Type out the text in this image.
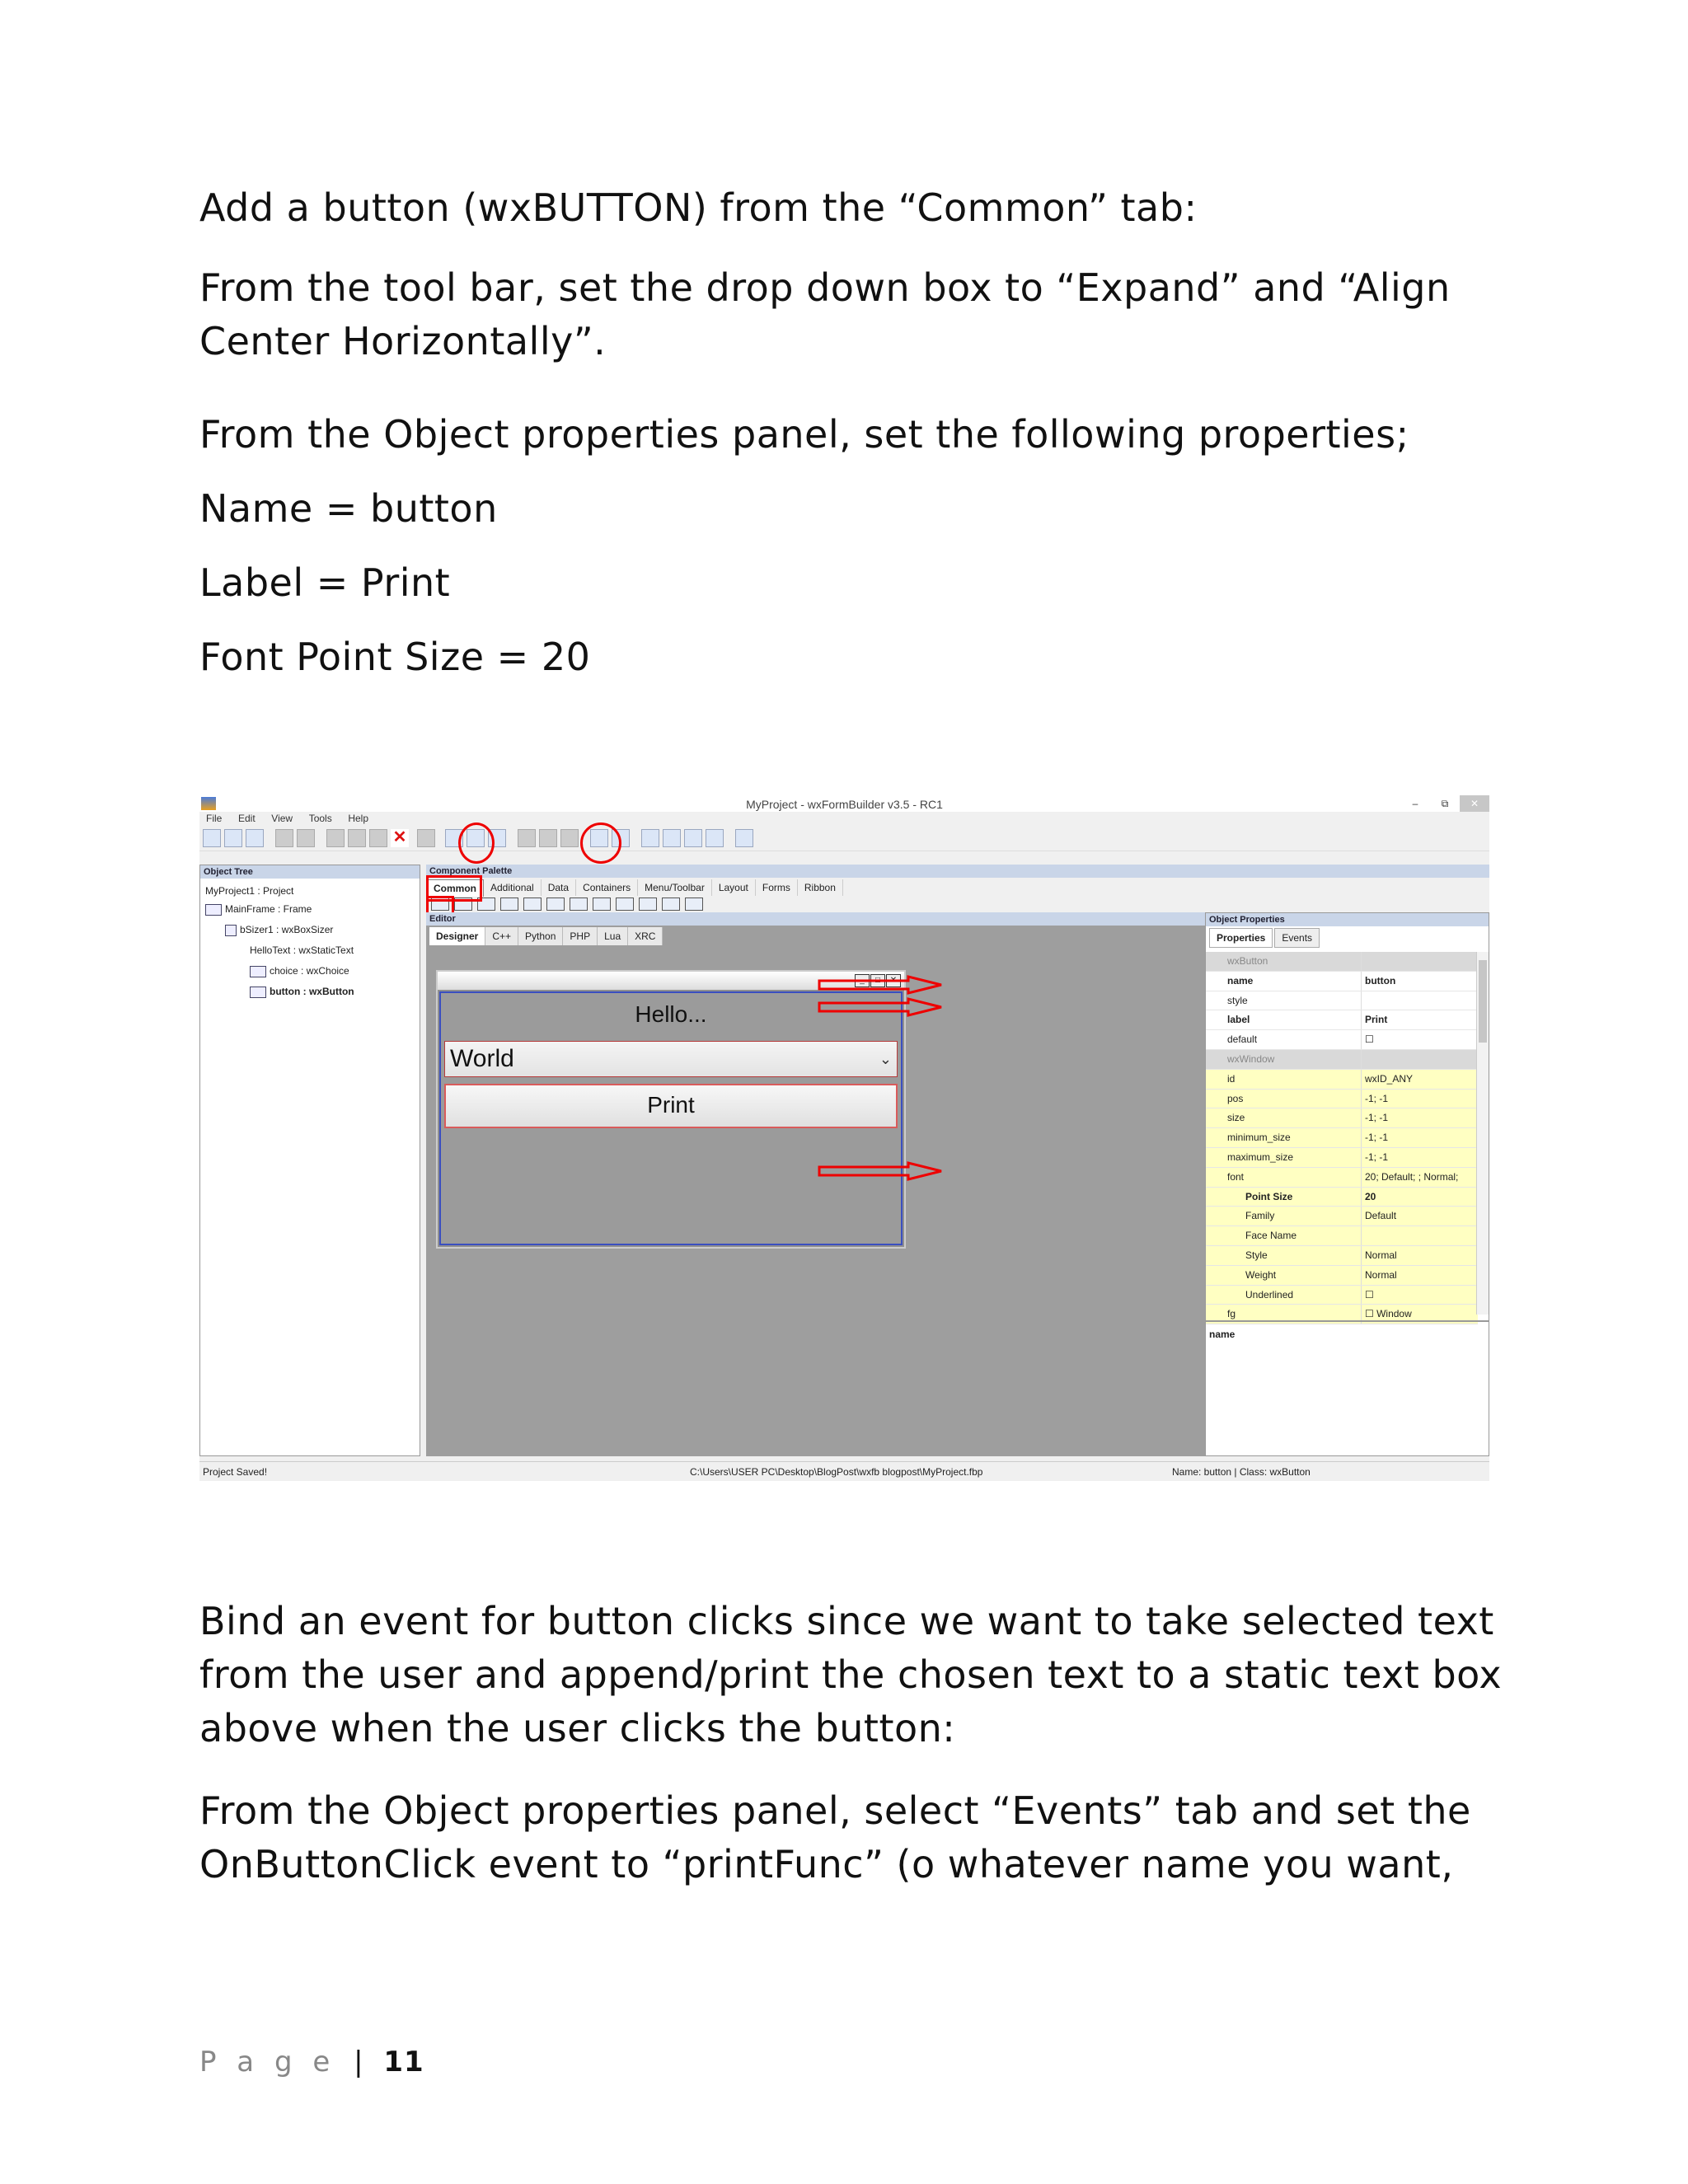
Add a button (wxBUTTON) from the “Common” tab:

From the tool bar, set the drop down box to “Expand” and “Align Center Horizontally”.

From the Object properties panel, set the following properties;

Name = button

Label = Print

Font Point Size = 20

MyProject - wxFormBuilder v3.5 - RC1	–	⧉	✕
File Edit View Tools Help
✕
Object Tree
MyProject1 : Project
MainFrame : Frame
bSizer1 : wxBoxSizer
HelloText : wxStaticText
choice : wxChoice
button : wxButton
Component Palette
Common	Additional	Data	Containers	Menu/Toolbar	Layout	Forms	Ribbon
Editor
Designer	C++	Python	PHP	Lua	XRC
_	□	✕
Hello...
World	⌄
Print
Object Properties
Properties	Events
wxButton
name	button
style
label	Print
default	☐
wxWindow
id	wxID_ANY
pos	-1; -1
size	-1; -1
minimum_size	-1; -1
maximum_size	-1; -1
font	20; Default; ; Normal;
Point Size	20
Family	Default
Face Name
Style	Normal
Weight	Normal
Underlined	☐
fg	☐ Window
name
Project Saved!	C:\Users\USER PC\Desktop\BlogPost\wxfb blogpost\MyProject.fbp	Name: button | Class: wxButton

Bind an event for button clicks since we want to take selected text from the user and append/print the chosen text to a static text box above when the user clicks the button:

From the Object properties panel, select “Events” tab and set the OnButtonClick event to “printFunc” (o whatever name you want,

P a g e | 11
